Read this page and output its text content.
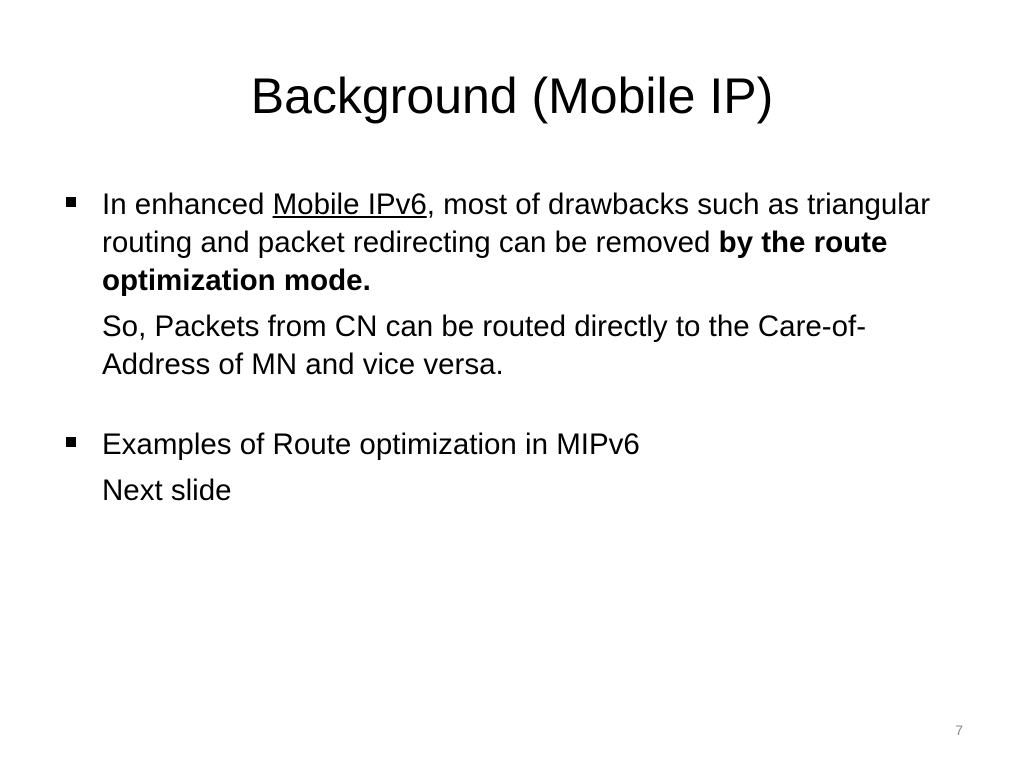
Background (Mobile IP)
In enhanced Mobile IPv6, most of drawbacks such as triangular routing and packet redirecting can be removed by the route optimization mode.
So, Packets from CN can be routed directly to the Care-of-Address of MN and vice versa.
Examples of Route optimization in MIPv6
Next slide
7
